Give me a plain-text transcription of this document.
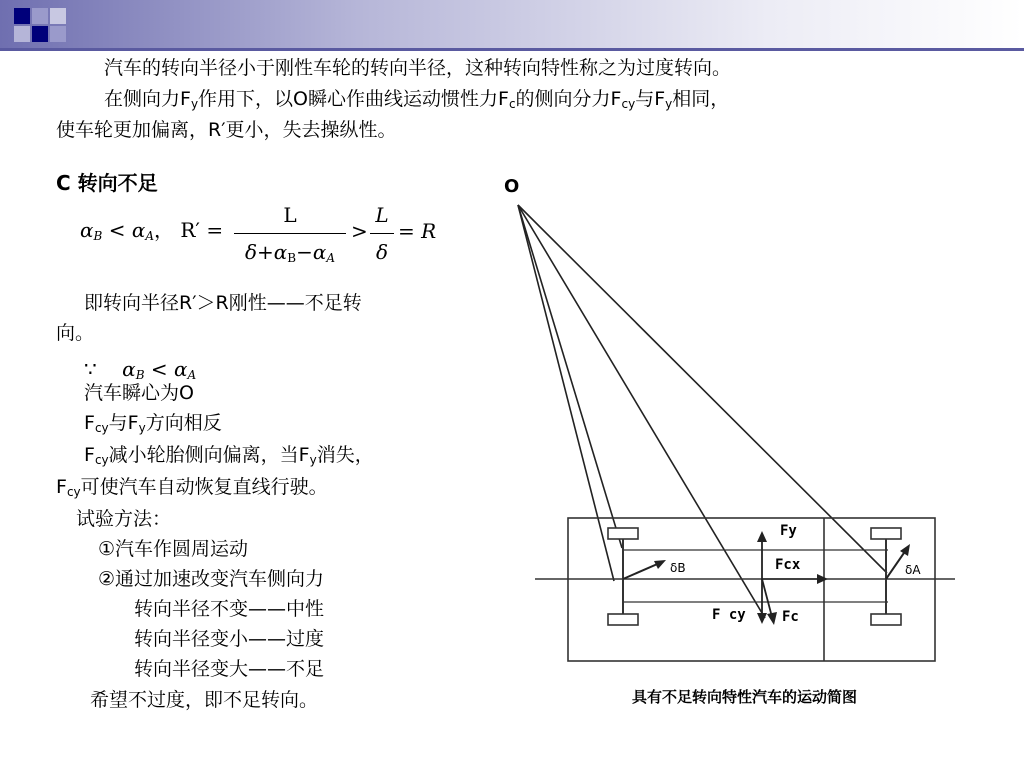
汽车的转向半径小于刚性车轮的转向半径，这种转向特性称之为过度转向。
在侧向力$F_y$作用下，以O瞬心作曲线运动惯性力$F_c$的侧向分力$F_{cy}$与$F_y$相同，
使车轮更加偏离，R′更小，失去操纵性。
C 转向不足
$\alpha_B < \alpha_A$， R′ =
L
$\delta+\alpha_B-\alpha_A$
>
L
δ
= R
即转向半径R′＞R刚性——不足转
向。
∵ $\alpha_B < \alpha_A$
汽车瞬心为O
$F_{cy}$与$F_y$方向相反
$F_{cy}$减小轮胎侧向偏离，当$F_y$消失，
$F_{cy}$可使汽车自动恢复直线行驶。
试验方法：
①汽车作圆周运动
②通过加速改变汽车侧向力
转向半径不变——中性
转向半径变小——过度
转向半径变大——不足
希望不过度，即不足转向。
O
δB	δA
Fy
Fcx
F cy	Fc
具有不足转向特性汽车的运动简图
